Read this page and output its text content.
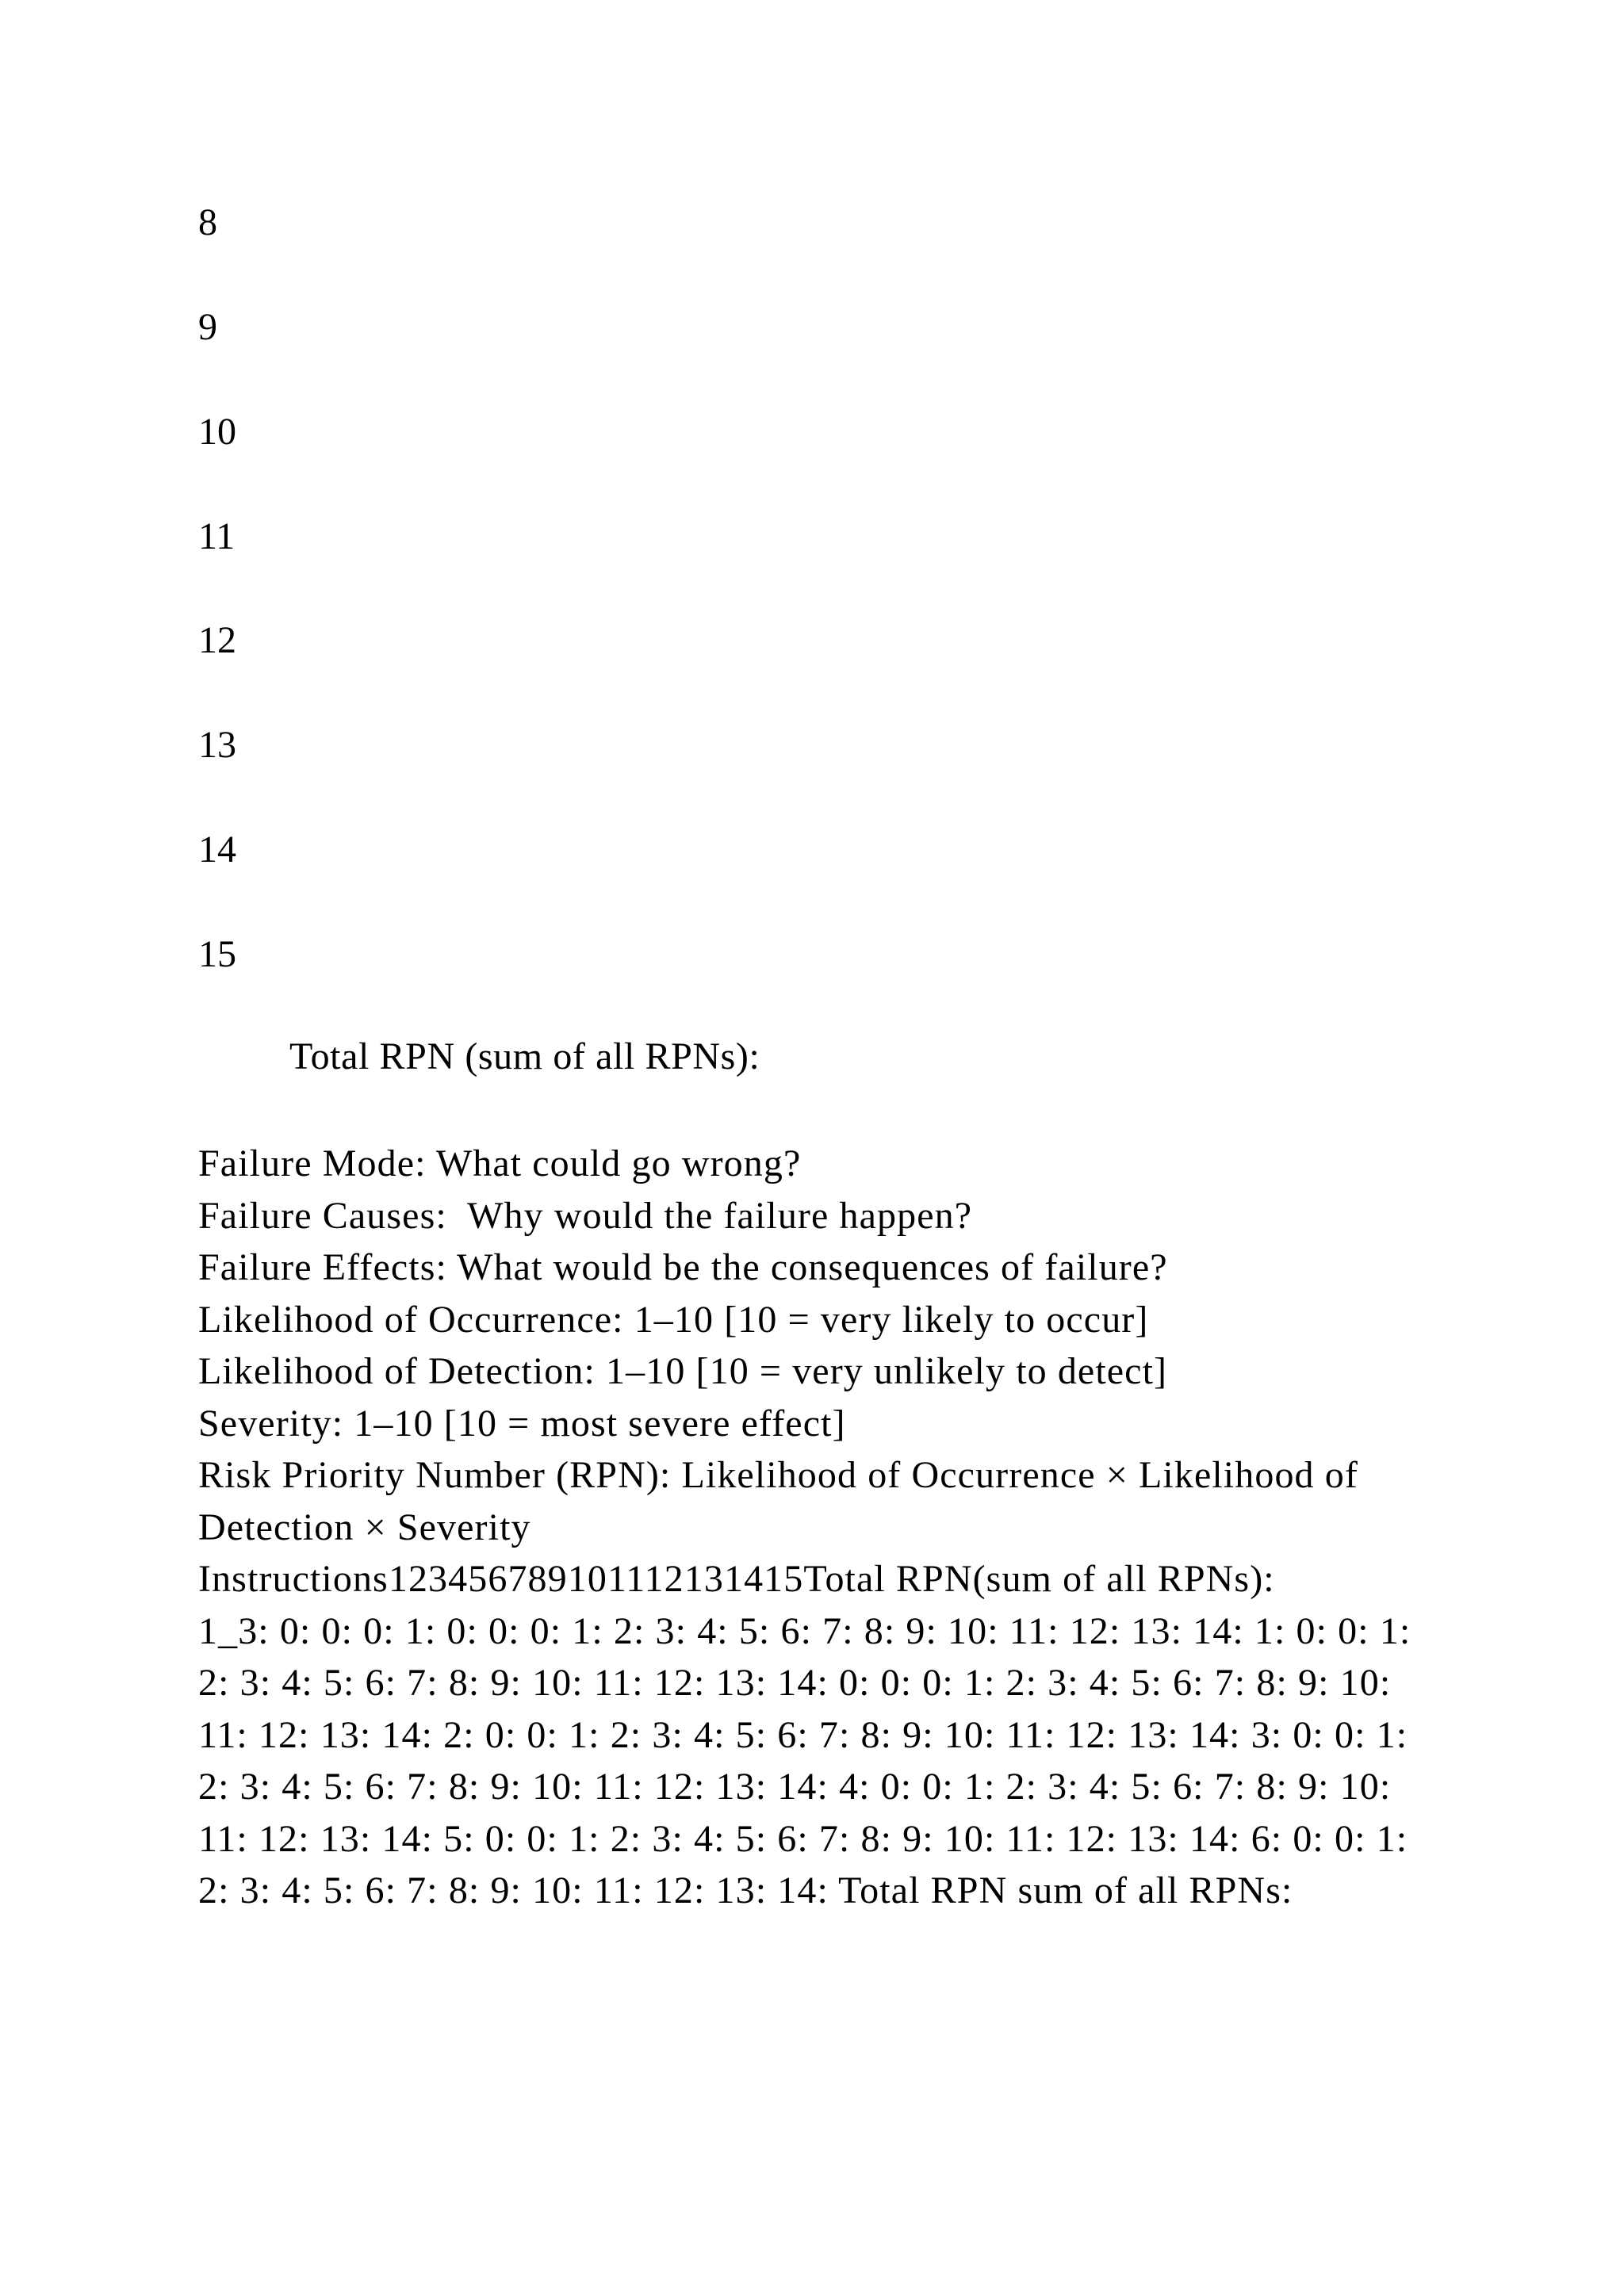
8

9

10

11

12

13

14

15

Total RPN (sum of all RPNs):

Failure Mode: What could go wrong?

Failure Causes:  Why would the failure happen?

Failure Effects: What would be the consequences of failure?

Likelihood of Occurrence: 1–10 [10 = very likely to occur]

Likelihood of Detection: 1–10 [10 = very unlikely to detect]

Severity: 1–10 [10 = most severe effect]

Risk Priority Number (RPN): Likelihood of Occurrence × Likelihood of Detection × Severity

Instructions123456789101112131415Total RPN(sum of all RPNs):

1_3: 0: 0: 0: 1: 0: 0: 0: 1: 2: 3: 4: 5: 6: 7: 8: 9: 10: 11: 12: 13: 14: 1: 0: 0: 1: 2: 3: 4: 5: 6: 7: 8: 9: 10: 11: 12: 13: 14: 0: 0: 0: 1: 2: 3: 4: 5: 6: 7: 8: 9: 10: 11: 12: 13: 14: 2: 0: 0: 1: 2: 3: 4: 5: 6: 7: 8: 9: 10: 11: 12: 13: 14: 3: 0: 0: 1: 2: 3: 4: 5: 6: 7: 8: 9: 10: 11: 12: 13: 14: 4: 0: 0: 1: 2: 3: 4: 5: 6: 7: 8: 9: 10: 11: 12: 13: 14: 5: 0: 0: 1: 2: 3: 4: 5: 6: 7: 8: 9: 10: 11: 12: 13: 14: 6: 0: 0: 1: 2: 3: 4: 5: 6: 7: 8: 9: 10: 11: 12: 13: 14: Total RPN sum of all RPNs:
